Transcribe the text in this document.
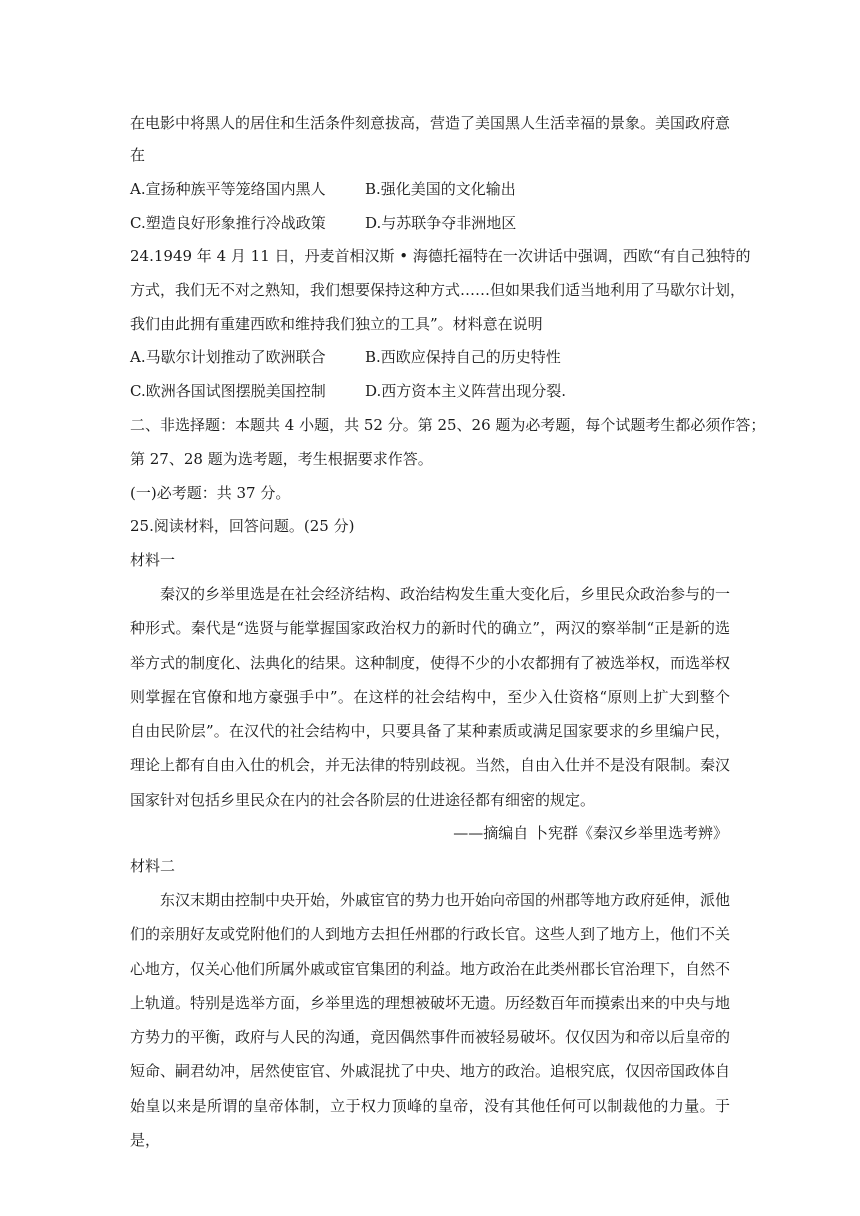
在电影中将黑人的居住和生活条件刻意拔高，营造了美国黑人生活幸福的景象。美国政府意
在
A.宣扬种族平等笼络国内黑人	B.强化美国的文化输出
C.塑造良好形象推行冷战政策	D.与苏联争夺非洲地区
24.1949 年 4 月 11 日，丹麦首相汉斯 • 海德托福特在一次讲话中强调，西欧“有自己独特的
方式，我们无不对之熟知，我们想要保持这种方式……但如果我们适当地利用了马歇尔计划，
我们由此拥有重建西欧和维持我们独立的工具”。材料意在说明
A.马歇尔计划推动了欧洲联合	B.西欧应保持自己的历史特性
C.欧洲各国试图摆脱美国控制	D.西方资本主义阵营出现分裂.
二、非选择题：本题共 4 小题，共 52 分。第 25、26 题为必考题，每个试题考生都必须作答；
第 27、28 题为选考题，考生根据要求作答。
(一)必考题：共 37 分。
25.阅读材料，回答问题。(25 分)
材料一
秦汉的乡举里选是在社会经济结构、政治结构发生重大变化后，乡里民众政治参与的一种形式。秦代是“选贤与能掌握国家政治权力的新时代的确立”，两汉的察举制“正是新的选举方式的制度化、法典化的结果。这种制度，使得不少的小农都拥有了被选举权，而选举权则掌握在官僚和地方豪强手中”。在这样的社会结构中，至少入仕资格“原则上扩大到整个自由民阶层”。在汉代的社会结构中，只要具备了某种素质或满足国家要求的乡里编户民，理论上都有自由入仕的机会，并无法律的特别歧视。当然，自由入仕并不是没有限制。秦汉国家针对包括乡里民众在内的社会各阶层的仕进途径都有细密的规定。
——摘编自 卜宪群《秦汉乡举里选考辨》
材料二
东汉末期由控制中央开始，外戚宦官的势力也开始向帝国的州郡等地方政府延伸，派他们的亲朋好友或党附他们的人到地方去担任州郡的行政长官。这些人到了地方上，他们不关心地方，仅关心他们所属外戚或宦官集团的利益。地方政治在此类州郡长官治理下，自然不上轨道。特别是选举方面，乡举里选的理想被破坏无遗。历经数百年而摸索出来的中央与地方势力的平衡，政府与人民的沟通，竟因偶然事件而被轻易破坏。仅仅因为和帝以后皇帝的短命、嗣君幼冲，居然使宦官、外戚混扰了中央、地方的政治。追根究底，仅因帝国政体自始皇以来是所谓的皇帝体制，立于权力顶峰的皇帝，没有其他任何可以制裁他的力量。于是，
